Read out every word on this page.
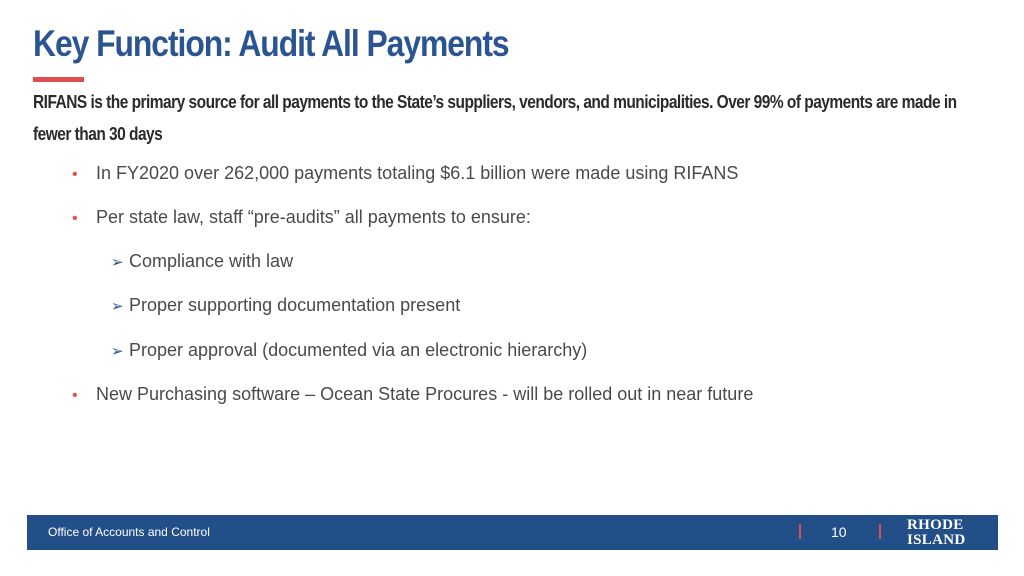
Key Function: Audit All Payments

RIFANS is the primary source for all payments to the State’s suppliers, vendors, and municipalities. Over 99% of payments are made in fewer than 30 days

• In FY2020 over 262,000 payments totaling $6.1 billion were made using RIFANS
• Per state law, staff “pre-audits” all payments to ensure:
➢ Compliance with law
➢ Proper supporting documentation present
➢ Proper approval (documented via an electronic hierarchy)
• New Purchasing software – Ocean State Procures - will be rolled out in near future
Office of Accounts and Control	10	RHODE
ISLAND
